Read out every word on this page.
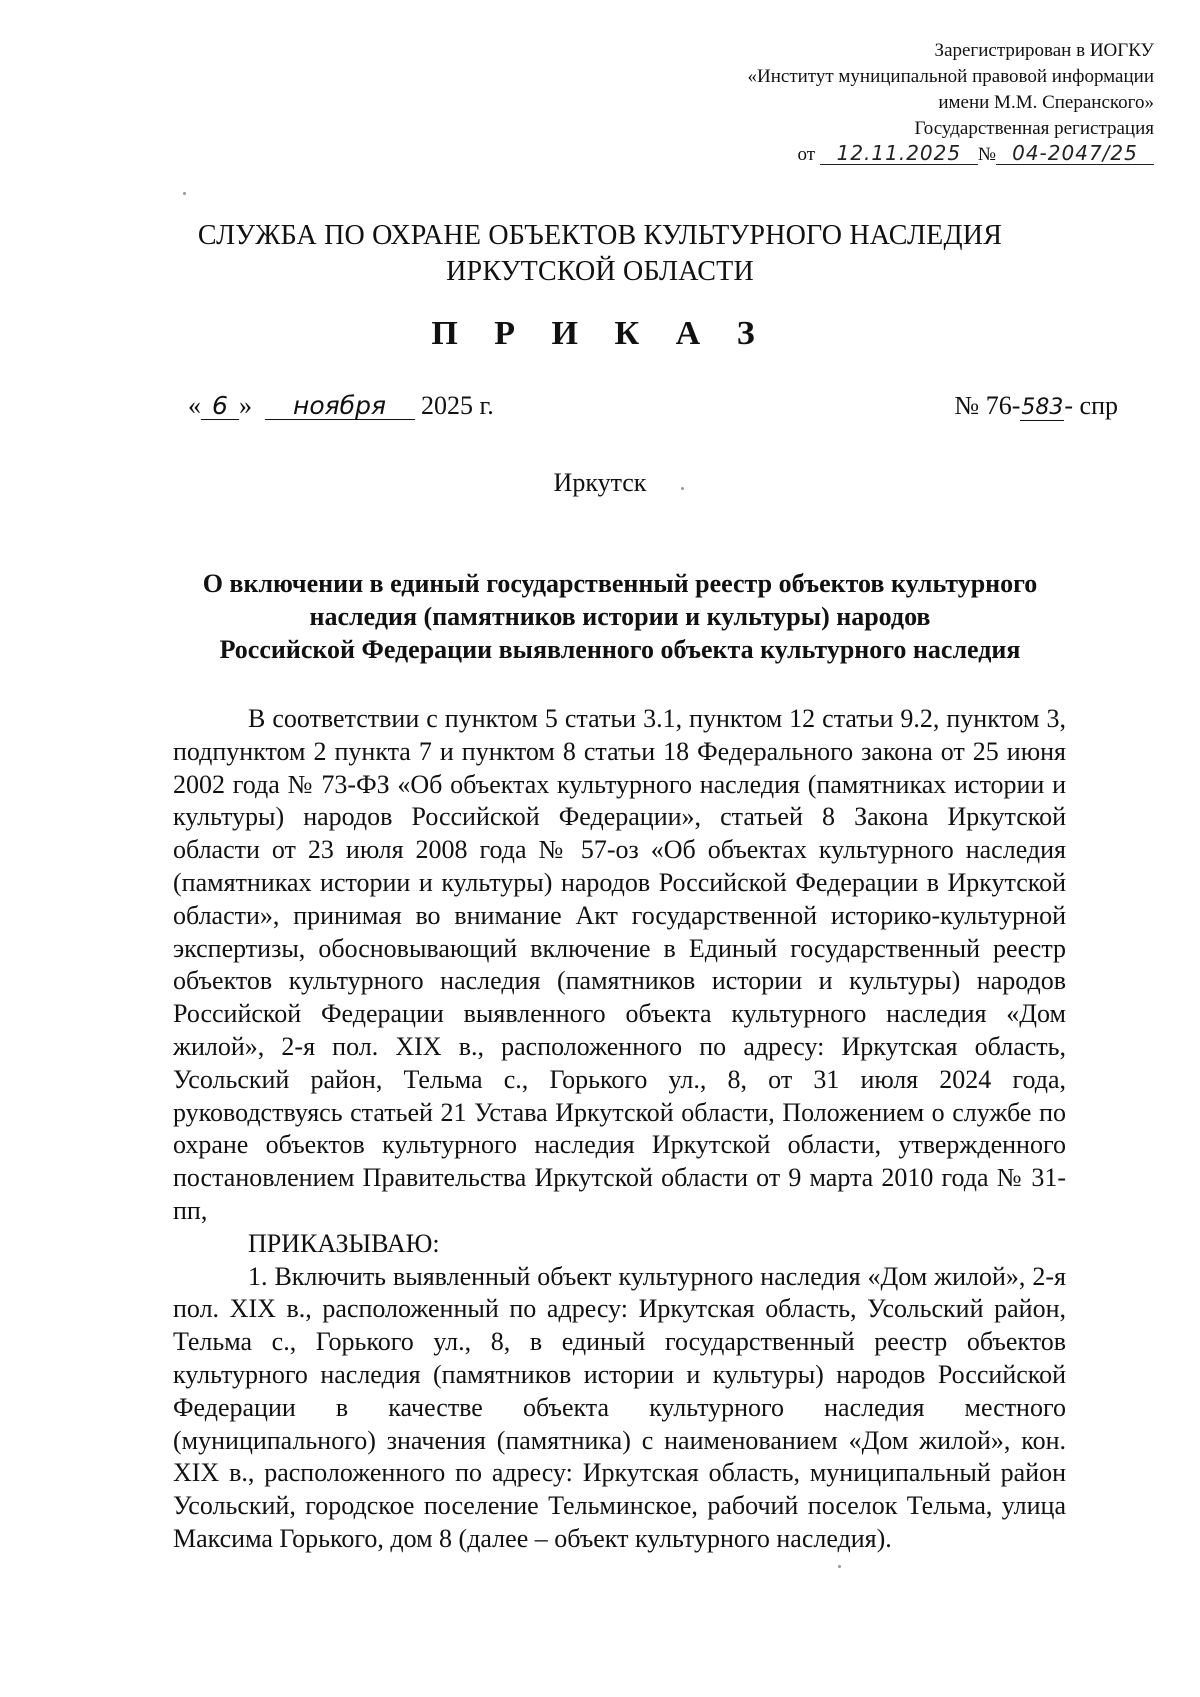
Зарегистрирован в ИОГКУ
«Институт муниципальной правовой информации
имени М.М. Сперанского»
Государственная регистрация
от 12.11.2025 № 04-2047/25
СЛУЖБА ПО ОХРАНЕ ОБЪЕКТОВ КУЛЬТУРНОГО НАСЛЕДИЯ
ИРКУТСКОЙ ОБЛАСТИ
П Р И К А З
« 6 » ноября 2025 г.	№ 76-583- спр
Иркутск
О включении в единый государственный реестр объектов культурного
наследия (памятников истории и культуры) народов
Российской Федерации выявленного объекта культурного наследия

В соответствии с пунктом 5 статьи 3.1, пунктом 12 статьи 9.2, пунктом 3, подпунктом 2 пункта 7 и пунктом 8 статьи 18 Федерального закона от 25 июня 2002 года № 73-ФЗ «Об объектах культурного наследия (памятниках истории и культуры) народов Российской Федерации», статьей 8 Закона Иркутской области от 23 июля 2008 года № 57-оз «Об объектах культурного наследия (памятниках истории и культуры) народов Российской Федерации в Иркутской области», принимая во внимание Акт государственной историко-культурной экспертизы, обосновывающий включение в Единый государственный реестр объектов культурного наследия (памятников истории и культуры) народов Российской Федерации выявленного объекта культурного наследия «Дом жилой», 2-я пол. XIX в., расположенного по адресу: Иркутская область, Усольский район, Тельма с., Горького ул., 8, от 31 июля 2024 года, руководствуясь статьей 21 Устава Иркутской области, Положением о службе по охране объектов культурного наследия Иркутской области, утвержденного постановлением Правительства Иркутской области от 9 марта 2010 года № 31-пп,

ПРИКАЗЫВАЮ:

1. Включить выявленный объект культурного наследия «Дом жилой», 2-я пол. XIX в., расположенный по адресу: Иркутская область, Усольский район, Тельма с., Горького ул., 8, в единый государственный реестр объектов культурного наследия (памятников истории и культуры) народов Российской Федерации в качестве объекта культурного наследия местного (муниципального) значения (памятника) с наименованием «Дом жилой», кон. XIX в., расположенного по адресу: Иркутская область, муниципальный район Усольский, городское поселение Тельминское, рабочий поселок Тельма, улица Максима Горького, дом 8 (далее – объект культурного наследия).
